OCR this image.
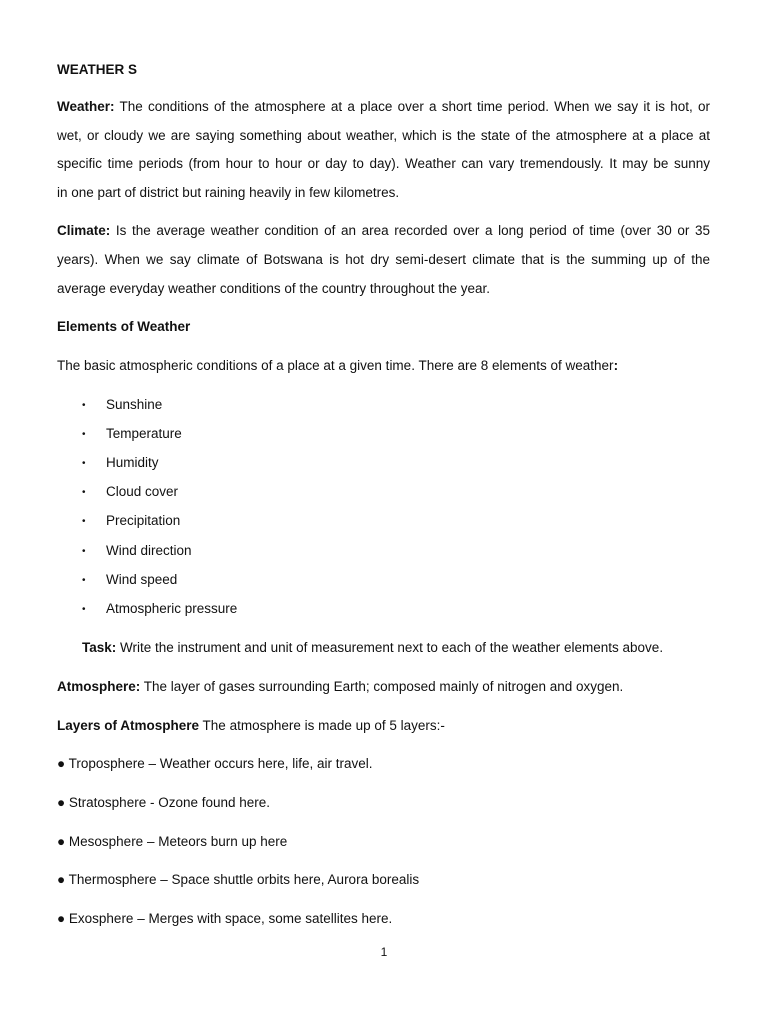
WEATHER S
Weather: The conditions of the atmosphere at a place over a short time period. When we say it is hot, or
wet, or cloudy we are saying something about weather, which is the state of the atmosphere at a place at
specific time periods (from hour to hour or day to day). Weather can vary tremendously. It may be sunny
in one part of district but raining heavily in few kilometres.
Climate: Is the average weather condition of an area recorded over a long period of time (over 30 or 35
years). When we say climate of Botswana is hot dry semi-desert climate that is the summing up of the
average everyday weather conditions of the country throughout the year.
Elements of Weather
The basic atmospheric conditions of a place at a given time. There are 8 elements of weather:
• Sunshine
• Temperature
• Humidity
• Cloud cover
• Precipitation
• Wind direction
• Wind speed
• Atmospheric pressure
Task: Write the instrument and unit of measurement next to each of the weather elements above.
Atmosphere: The layer of gases surrounding Earth; composed mainly of nitrogen and oxygen.
Layers of Atmosphere The atmosphere is made up of 5 layers:-
● Troposphere – Weather occurs here, life, air travel.
● Stratosphere - Ozone found here.
● Mesosphere – Meteors burn up here
● Thermosphere – Space shuttle orbits here, Aurora borealis
● Exosphere – Merges with space, some satellites here.
1
